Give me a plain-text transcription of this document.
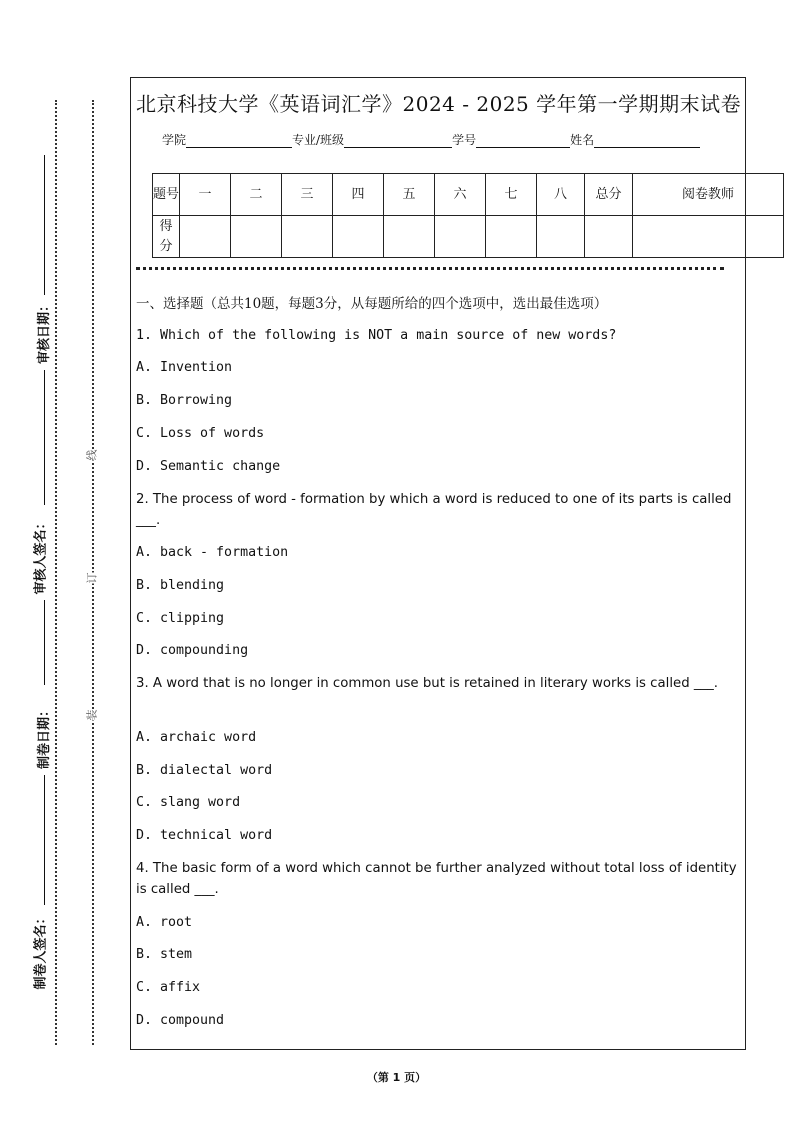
审核日期：
审核人签名：
制卷日期：
制卷人签名：
线
订
装
北京科技大学《英语词汇学》2024 - 2025 学年第一学期期末试卷
学院	专业/班级	学号	姓名
题号	一	二	三	四	五	六	七	八	总分	阅卷教师
得分										
一、选择题（总共10题，每题3分，从每题所给的四个选项中，选出最佳选项）
1. Which of the following is NOT a main source of new words?
A. Invention
B. Borrowing
C. Loss of words
D. Semantic change
2. The process of word - formation by which a word is reduced to one of its parts is called ___.
A. back - formation
B. blending
C. clipping
D. compounding
3. A word that is no longer in common use but is retained in literary works is called ___.
A. archaic word
B. dialectal word
C. slang word
D. technical word
4. The basic form of a word which cannot be further analyzed without total loss of identity is called ___.
A. root
B. stem
C. affix
D. compound
（第 1 页）
